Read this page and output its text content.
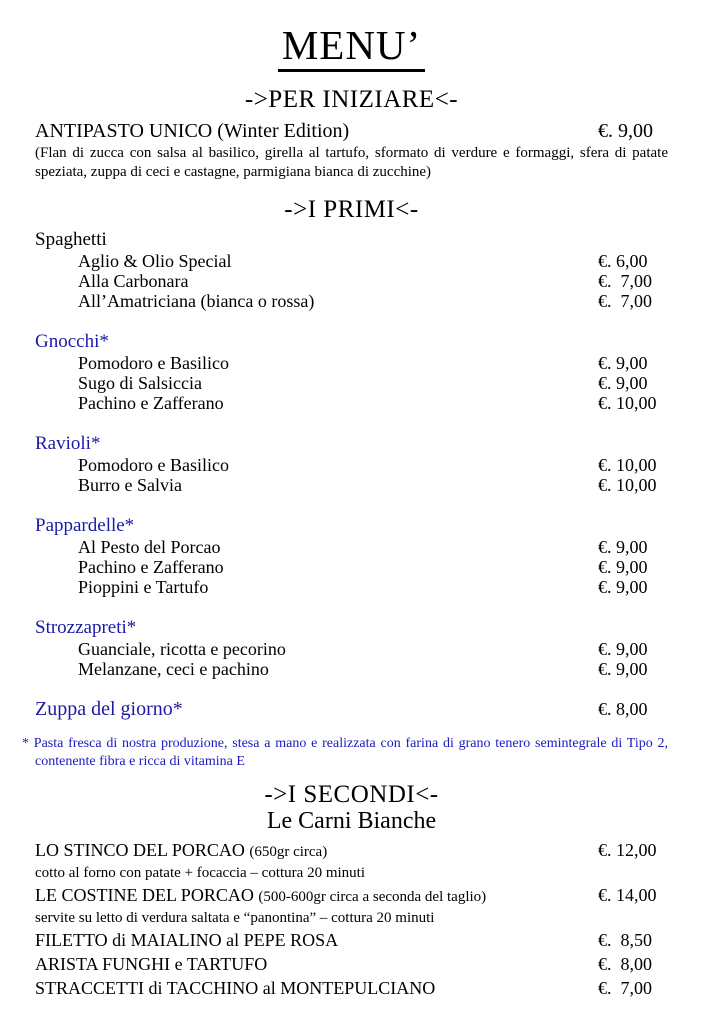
MENU’
->PER INIZIARE<-
ANTIPASTO UNICO (Winter Edition)	€. 9,00

(Flan di zucca con salsa al basilico, girella al tartufo, sformato di verdure e formaggi, sfera di patate speziata, zuppa di ceci e castagne, parmigiana bianca di zucchine)

->I PRIMI<-
Spaghetti
Aglio & Olio Special	€. 6,00
Alla Carbonara	€.  7,00
All’Amatriciana (bianca o rossa)	€.  7,00
Gnocchi*
Pomodoro e Basilico	€. 9,00
Sugo di Salsiccia	€. 9,00
Pachino e Zafferano	€. 10,00
Ravioli*
Pomodoro e Basilico	€. 10,00
Burro e Salvia	€. 10,00
Pappardelle*
Al Pesto del Porcao	€. 9,00
Pachino e Zafferano	€. 9,00
Pioppini e Tartufo	€. 9,00
Strozzapreti*
Guanciale, ricotta e pecorino	€. 9,00
Melanzane, ceci e pachino	€. 9,00
Zuppa del giorno*	€. 8,00

* Pasta fresca di nostra produzione, stesa a mano e realizzata con farina di grano tenero semintegrale di Tipo 2, contenente fibra e ricca di vitamina E

->I SECONDI<-
Le Carni Bianche
LO STINCO DEL PORCAO (650gr circa)	€. 12,00

cotto al forno con patate + focaccia – cottura 20 minuti

LE COSTINE DEL PORCAO (500-600gr circa a seconda del taglio)	€. 14,00

servite su letto di verdura saltata e “panontina” – cottura 20 minuti

FILETTO di MAIALINO al PEPE ROSA	€.  8,50
ARISTA FUNGHI e TARTUFO	€.  8,00
STRACCETTI di TACCHINO al MONTEPULCIANO	€.  7,00
